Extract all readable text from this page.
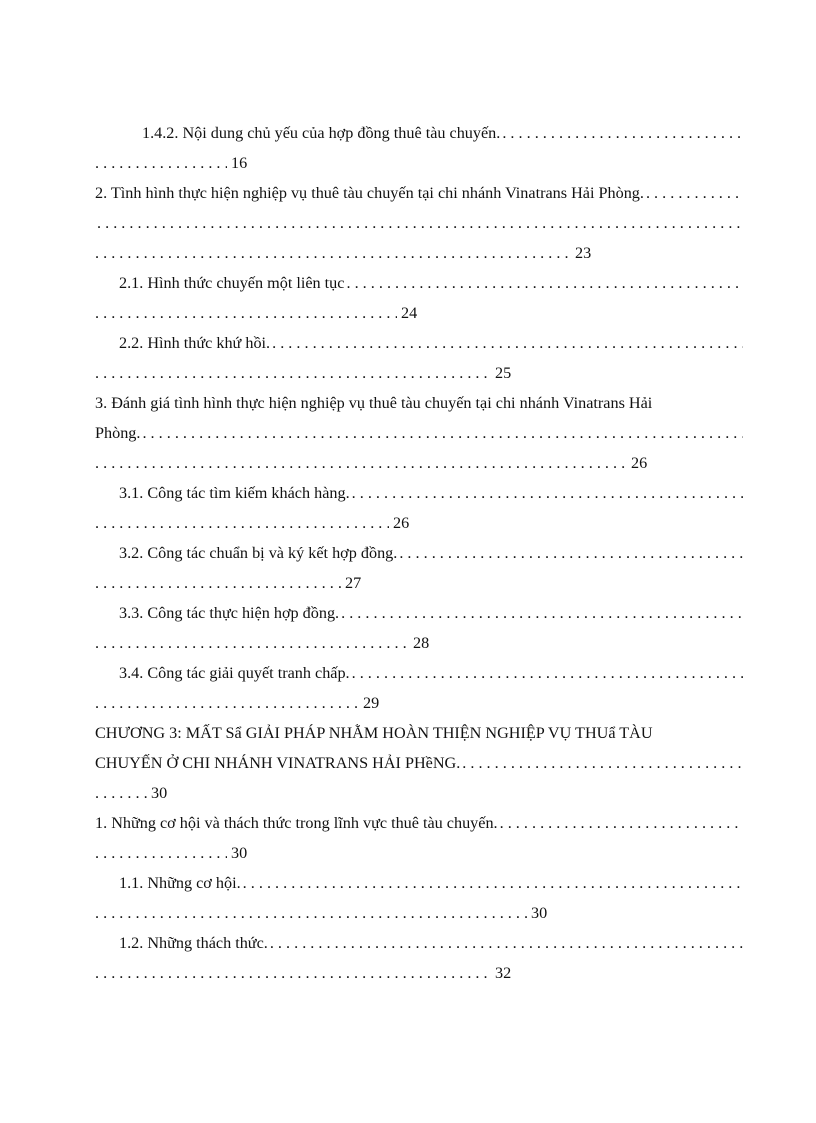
1.4.2. Nội dung chủ yếu của hợp đồng thuê tàu chuyến.
. . .
. . .
16
2. Tình hình thực hiện nghiệp vụ thuê tàu chuyến tại chi nhánh Vinatrans Hải Phòng.
. . .
. . .
. . .
23
2.1. Hình thức chuyến một liên tục
. . .
. . .
24
2.2. Hình thức khứ hồi.
. . .
. . .
25
3. Đánh giá tình hình thực hiện nghiệp vụ thuê tàu chuyến tại chi nhánh Vinatrans Hải
Phòng.
. . .
. . .
26
3.1. Công tác tìm kiếm khách hàng.
. . .
. . .
26
3.2. Công tác chuẩn bị và ký kết hợp đồng.
. . .
. . .
27
3.3. Công tác thực hiện hợp đồng.
. . .
. . .
28
3.4. Công tác giải quyết tranh chấp.
. . .
. . .
29
CHƯƠNG 3: MẤT Sẩ GIẢI PHÁP NHẰM HOÀN THIỆN NGHIỆP VỤ THUẩ TÀU
CHUYẾN Ở CHI NHÁNH VINATRANS HẢI PHềNG.
. . .
. . .
30
1. Những cơ hội và thách thức trong lĩnh vực thuê tàu chuyến.
. . .
. . .
30
1.1. Những cơ hội.
. . .
. . .
30
1.2. Những thách thức.
. . .
. . .
32
